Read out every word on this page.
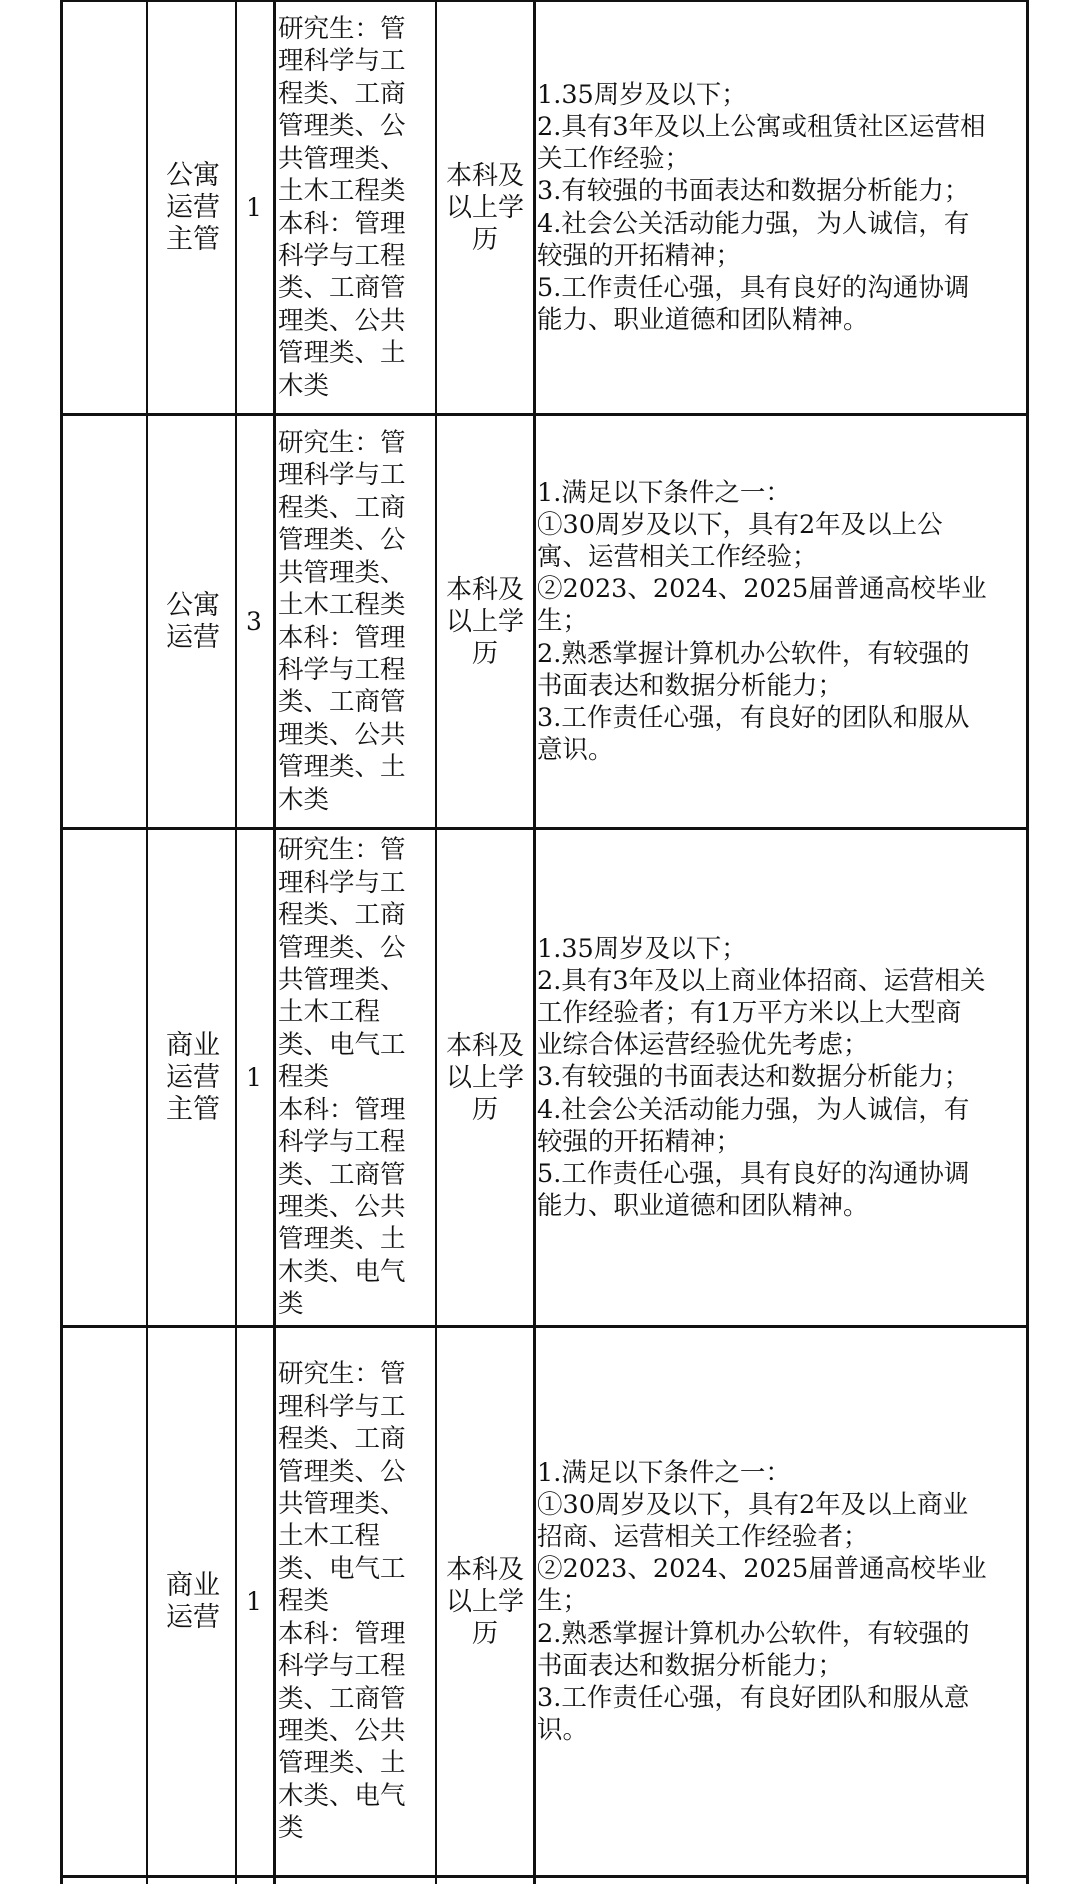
公寓
运营
主管
1
研究生：管
理科学与工
程类、工商
管理类、公
共管理类、
土木工程类
本科：管理
科学与工程
类、工商管
理类、公共
管理类、土
木类
本科及
以上学
历
1.35周岁及以下；
2.具有3年及以上公寓或租赁社区运营相
关工作经验；
3.有较强的书面表达和数据分析能力；
4.社会公关活动能力强，为人诚信，有
较强的开拓精神；
5.工作责任心强，具有良好的沟通协调
能力、职业道德和团队精神。
公寓
运营
3
研究生：管
理科学与工
程类、工商
管理类、公
共管理类、
土木工程类
本科：管理
科学与工程
类、工商管
理类、公共
管理类、土
木类
本科及
以上学
历
1.满足以下条件之一：
①30周岁及以下，具有2年及以上公
寓、运营相关工作经验；
②2023、2024、2025届普通高校毕业
生；
2.熟悉掌握计算机办公软件，有较强的
书面表达和数据分析能力；
3.工作责任心强，有良好的团队和服从
意识。
商业
运营
主管
1
研究生：管
理科学与工
程类、工商
管理类、公
共管理类、
土木工程
类、电气工
程类
本科：管理
科学与工程
类、工商管
理类、公共
管理类、土
木类、电气
类
本科及
以上学
历
1.35周岁及以下；
2.具有3年及以上商业体招商、运营相关
工作经验者；有1万平方米以上大型商
业综合体运营经验优先考虑；
3.有较强的书面表达和数据分析能力；
4.社会公关活动能力强，为人诚信，有
较强的开拓精神；
5.工作责任心强，具有良好的沟通协调
能力、职业道德和团队精神。
商业
运营
1
研究生：管
理科学与工
程类、工商
管理类、公
共管理类、
土木工程
类、电气工
程类
本科：管理
科学与工程
类、工商管
理类、公共
管理类、土
木类、电气
类
本科及
以上学
历
1.满足以下条件之一：
①30周岁及以下，具有2年及以上商业
招商、运营相关工作经验者；
②2023、2024、2025届普通高校毕业
生；
2.熟悉掌握计算机办公软件，有较强的
书面表达和数据分析能力；
3.工作责任心强，有良好团队和服从意
识。
